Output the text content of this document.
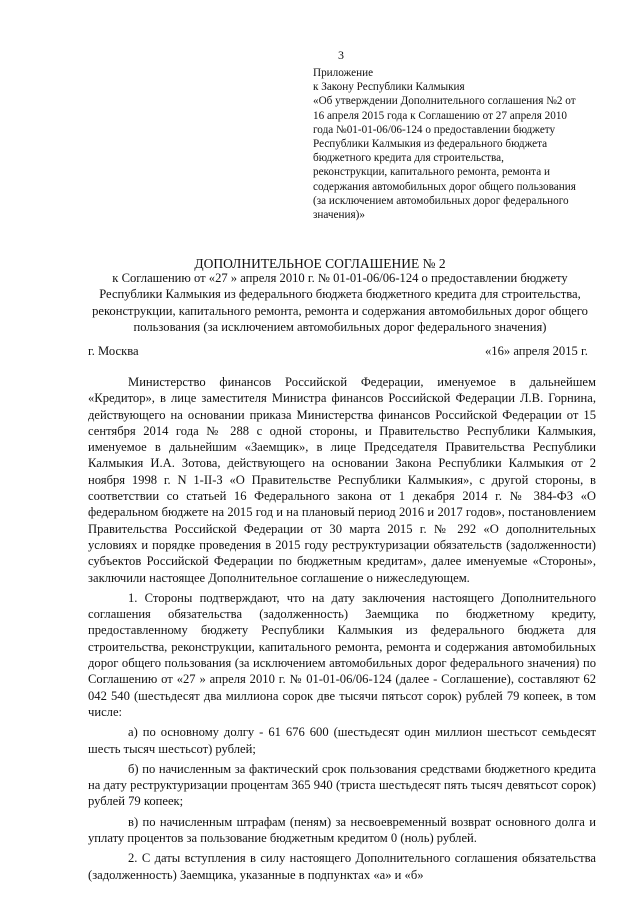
3
Приложение
к Закону Республики Калмыкия
«Об утверждении Дополнительного соглашения №2 от
16 апреля 2015 года к Соглашению от 27 апреля 2010
года №01-01-06/06-124 о предоставлении бюджету
Республики Калмыкия из федерального бюджета
бюджетного кредита для строительства,
реконструкции, капитального ремонта, ремонта и
содержания автомобильных дорог общего пользования
(за исключением автомобильных дорог федерального
значения)»
ДОПОЛНИТЕЛЬНОЕ СОГЛАШЕНИЕ № 2
к Соглашению от «27 » апреля 2010 г. № 01-01-06/06-124 о предоставлении бюджету Республики Калмыкия из федерального бюджета бюджетного кредита для строительства, реконструкции, капитального ремонта, ремонта и содержания автомобильных дорог общего пользования (за исключением автомобильных дорог федерального значения)
г. Москва	«16» апреля 2015 г.
Министерство финансов Российской Федерации, именуемое в дальнейшем «Кредитор», в лице заместителя Министра финансов Российской Федерации Л.В. Горнина, действующего на основании приказа Министерства финансов Российской Федерации от 15 сентября 2014 года № 288 с одной стороны, и Правительство Республики Калмыкия, именуемое в дальнейшим «Заемщик», в лице Председателя Правительства Республики Калмыкия И.А. Зотова, действующего на основании Закона Республики Калмыкия от 2 ноября 1998 г. N 1-II-З «О Правительстве Республики Калмыкия», с другой стороны, в соответствии со статьей 16 Федерального закона от 1 декабря 2014 г. № 384-ФЗ «О федеральном бюджете на 2015 год и на плановый период 2016 и 2017 годов», постановлением Правительства Российской Федерации от 30 марта 2015 г. № 292 «О дополнительных условиях и порядке проведения в 2015 году реструктуризации обязательств (задолженности) субъектов Российской Федерации по бюджетным кредитам», далее именуемые «Стороны», заключили настоящее Дополнительное соглашение о нижеследующем.
1. Стороны подтверждают, что на дату заключения настоящего Дополнительного соглашения обязательства (задолженность) Заемщика по бюджетному кредиту, предоставленному бюджету Республики Калмыкия из федерального бюджета для строительства, реконструкции, капитального ремонта, ремонта и содержания автомобильных дорог общего пользования (за исключением автомобильных дорог федерального значения) по Соглашению от «27 » апреля 2010 г. № 01-01-06/06-124 (далее - Соглашение), составляют 62 042 540 (шестьдесят два миллиона сорок две тысячи пятьсот сорок) рублей 79 копеек, в том числе:
а) по основному долгу - 61 676 600 (шестьдесят один миллион шестьсот семьдесят шесть тысяч шестьсот) рублей;
б) по начисленным за фактический срок пользования средствами бюджетного кредита на дату реструктуризации процентам 365 940 (триста шестьдесят пять тысяч девятьсот сорок) рублей 79 копеек;
в) по начисленным штрафам (пеням) за несвоевременный возврат основного долга и уплату процентов за пользование бюджетным кредитом 0 (ноль) рублей.
2. С даты вступления в силу настоящего Дополнительного соглашения обязательства (задолженность) Заемщика, указанные в подпунктах «а» и «б»
